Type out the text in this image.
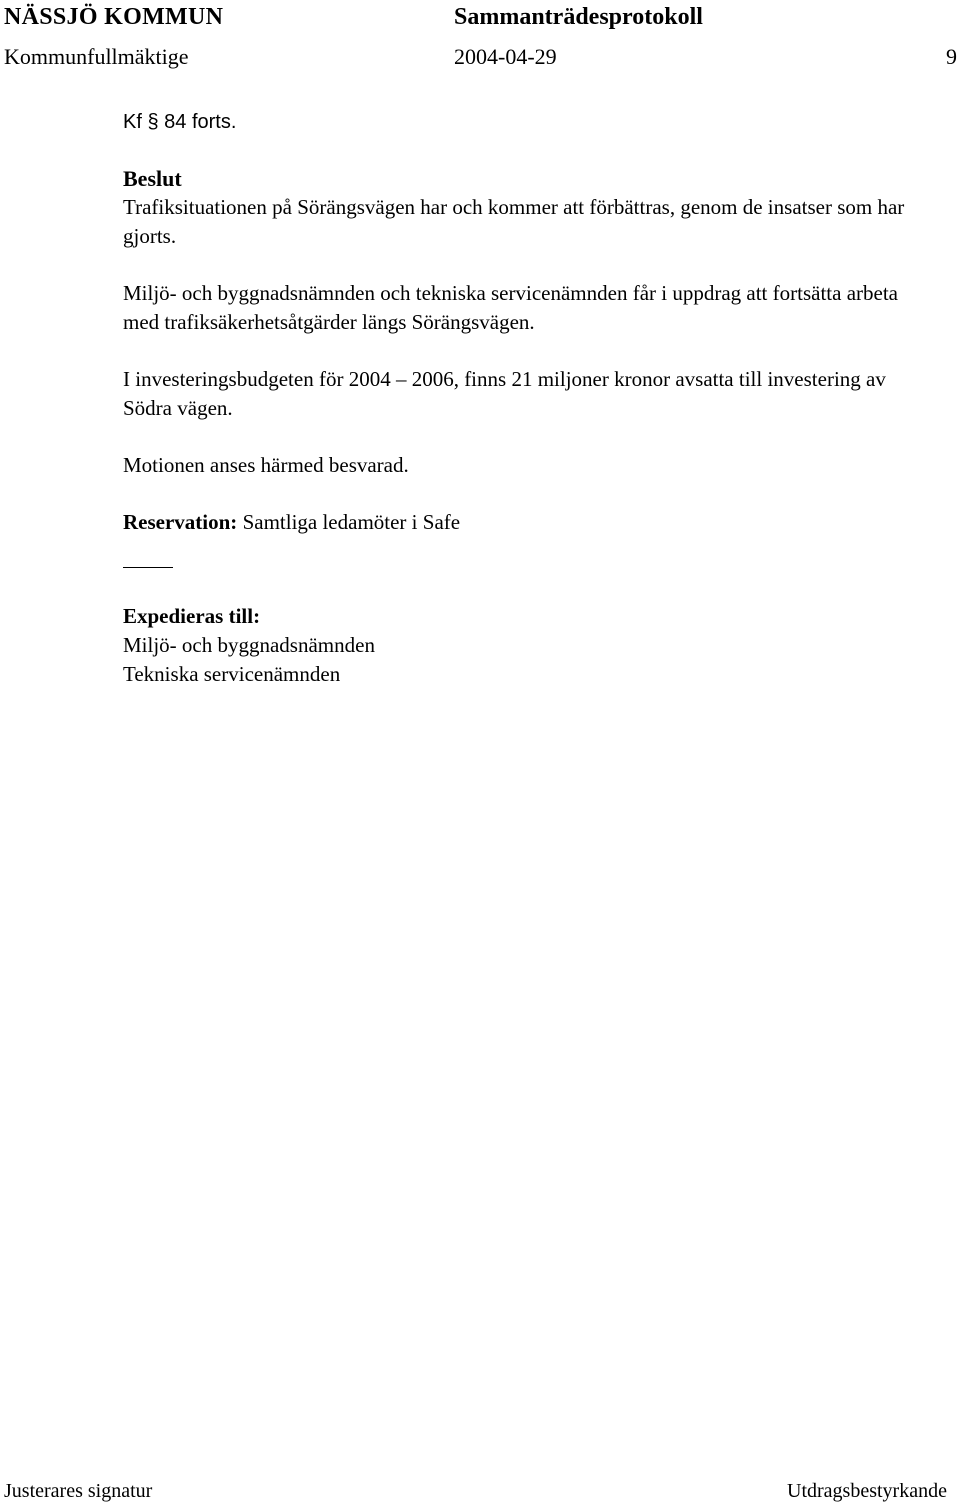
NÄSSJÖ KOMMUN	Sammanträdesprotokoll
Kommunfullmäktige	2004-04-29	9

Kf § 84 forts.

Beslut

Trafiksituationen på Sörängsvägen har och kommer att förbättras, genom de insatser som har gjorts.

Miljö- och byggnadsnämnden och tekniska servicenämnden får i uppdrag att fortsätta arbeta med trafiksäkerhetsåtgärder längs Sörängsvägen.

I investeringsbudgeten för 2004 – 2006, finns 21 miljoner kronor avsatta till investering av Södra vägen.

Motionen anses härmed besvarad.

Reservation: Samtliga ledamöter i Safe

Expedieras till:

Miljö- och byggnadsnämnden

Tekniska servicenämnden

Justerares signatur	Utdragsbestyrkande
